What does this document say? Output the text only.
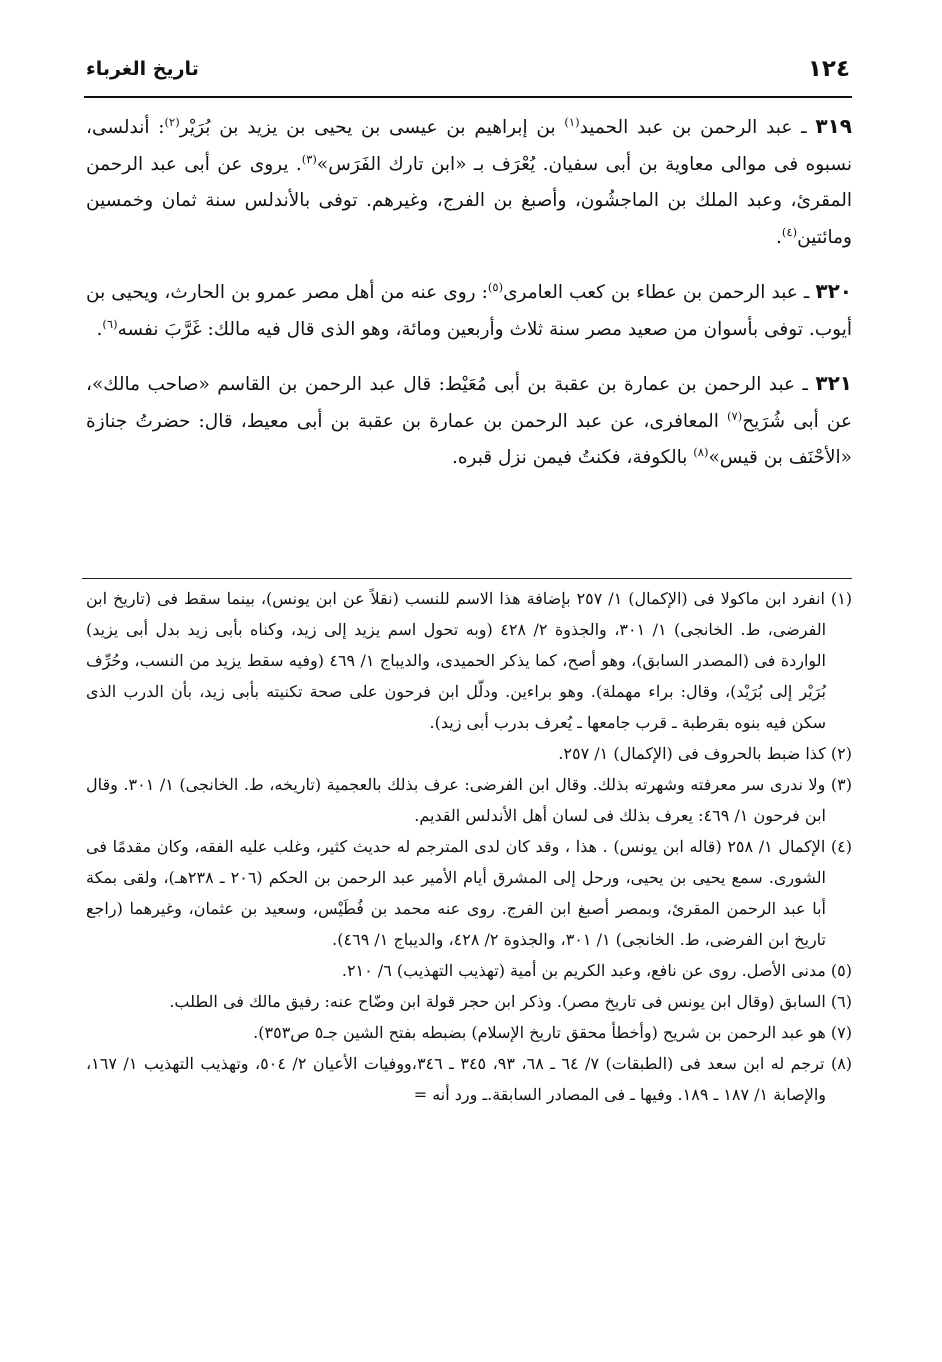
١٢٤
تاريخ الغرباء

٣١٩ ـ عبد الرحمن بن عبد الحميد$^{(١)}$ بن إبراهيم بن عيسى بن يحيى بن يزيد بن بُرَيْر$^{(٢)}$: أندلسى، نسبوه فى موالى معاوية بن أبى سفيان. يُعْرَف بـ «ابن تارك الفَرَس»$^{(٣)}$. يروى عن أبى عبد الرحمن المقرئ، وعبد الملك بن الماجشُون، وأصبغ بن الفرج، وغيرهم. توفى بالأندلس سنة ثمان وخمسين ومائتين$^{(٤)}$.

٣٢٠ ـ عبد الرحمن بن عطاء بن كعب العامرى$^{(٥)}$: روى عنه من أهل مصر عمرو بن الحارث، ويحيى بن أيوب. توفى بأسوان من صعيد مصر سنة ثلاث وأربعين ومائة، وهو الذى قال فيه مالك: غَرَّبَ نفسه$^{(٦)}$.

٣٢١ ـ عبد الرحمن بن عمارة بن عقبة بن أبى مُعَيْط: قال عبد الرحمن بن القاسم «صاحب مالك»، عن أبى شُرَيح$^{(٧)}$ المعافرى، عن عبد الرحمن بن عمارة بن عقبة بن أبى معيط، قال: حضرتُ جنازة «الأحْنَف بن قيس»$^{(٨)}$ بالكوفة، فكنتُ فيمن نزل قبره.

(١) انفرد ابن ماكولا فى (الإكمال) ١/ ٢٥٧ بإضافة هذا الاسم للنسب (نقلاً عن ابن يونس)، بينما سقط فى (تاريخ ابن الفرضى، ط. الخانجى) ١/ ٣٠١، والجذوة ٢/ ٤٢٨ (وبه تحول اسم يزيد إلى زيد، وكناه بأبى زيد بدل أبى يزيد) الواردة فى (المصدر السابق)، وهو أصح، كما يذكر الحميدى، والديباج ١/ ٤٦٩ (وفيه سقط يزيد من النسب، وحُرِّف بُرَيْر إلى بُرَيْد)، وقال: براء مهملة). وهو براءين. ودلّل ابن فرحون على صحة تكنيته بأبى زيد، بأن الدرب الذى سكن فيه بنوه بقرطبة ـ قرب جامعها ـ يُعرف بدرب أبى زيد).

(٢) كذا ضبط بالحروف فى (الإكمال) ١/ ٢٥٧.

(٣) ولا ندرى سر معرفته وشهرته بذلك. وقال ابن الفرضى: عرف بذلك بالعجمية (تاريخه، ط. الخانجى) ١/ ٣٠١. وقال ابن فرحون ١/ ٤٦٩: يعرف بذلك فى لسان أهل الأندلس القديم.

(٤) الإكمال ١/ ٢٥٨ (قاله ابن يونس) . هذا ، وقد كان لدى المترجم له حديث كثير، وغلب عليه الفقه، وكان مقدمًا فى الشورى. سمع يحيى بن يحيى، ورحل إلى المشرق أيام الأمير عبد الرحمن بن الحكم (٢٠٦ ـ ٢٣٨هـ)، ولقى بمكة أبا عبد الرحمن المقرئ، وبمصر أصبغ ابن الفرج. روى عنه محمد بن فُطَيْس، وسعيد بن عثمان، وغيرهما (راجع تاريخ ابن الفرضى، ط. الخانجى) ١/ ٣٠١، والجذوة ٢/ ٤٢٨، والديباج ١/ ٤٦٩).

(٥) مدنى الأصل. روى عن نافع، وعبد الكريم بن أمية (تهذيب التهذيب) ٦/ ٢١٠.

(٦) السابق (وقال ابن يونس فى تاريخ مصر). وذكر ابن حجر قولة ابن وضّاح عنه: رفيق مالك فى الطلب.

(٧) هو عبد الرحمن بن شريح (وأخطأ محقق تاريخ الإسلام) بضبطه بفتح الشين جـ٥ ص٣٥٣).

(٨) ترجم له ابن سعد فى (الطبقات) ٧/ ٦٤ ـ ٦٨، ٩٣، ٣٤٥ ـ ٣٤٦،ووفيات الأعيان ٢/ ٥٠٤، وتهذيب التهذيب ١/ ١٦٧، والإصابة ١/ ١٨٧ ـ ١٨٩. وفيها ـ فى المصادر السابقة.ـ ورد أنه =
